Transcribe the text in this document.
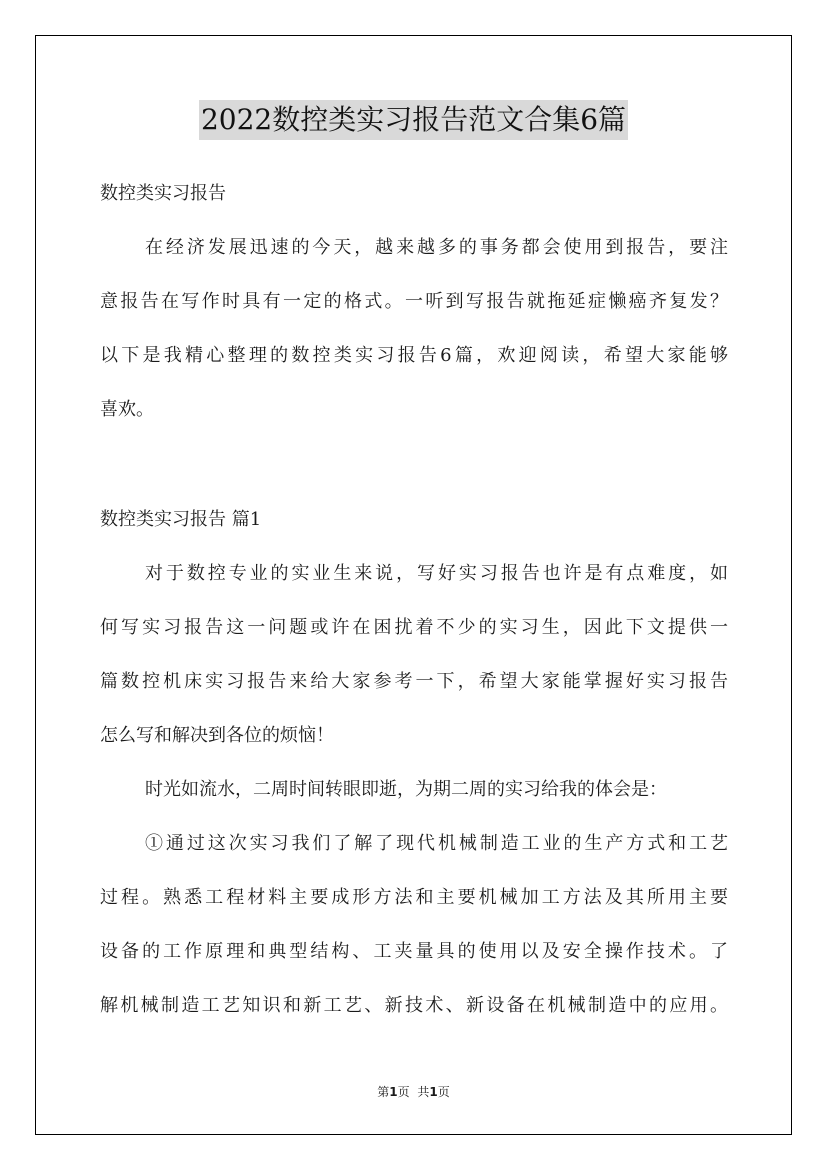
2022数控类实习报告范文合集6篇
数控类实习报告
在经济发展迅速的今天，越来越多的事务都会使用到报告，要注
意报告在写作时具有一定的格式。一听到写报告就拖延症懒癌齐复发？
以下是我精心整理的数控类实习报告6篇，欢迎阅读，希望大家能够
喜欢。
数控类实习报告 篇1
对于数控专业的实业生来说，写好实习报告也许是有点难度，如
何写实习报告这一问题或许在困扰着不少的实习生，因此下文提供一
篇数控机床实习报告来给大家参考一下，希望大家能掌握好实习报告
怎么写和解决到各位的烦恼！
时光如流水，二周时间转眼即逝，为期二周的实习给我的体会是：
①通过这次实习我们了解了现代机械制造工业的生产方式和工艺
过程。熟悉工程材料主要成形方法和主要机械加工方法及其所用主要
设备的工作原理和典型结构、工夹量具的使用以及安全操作技术。了
解机械制造工艺知识和新工艺、新技术、新设备在机械制造中的应用。
第1页 共1页
